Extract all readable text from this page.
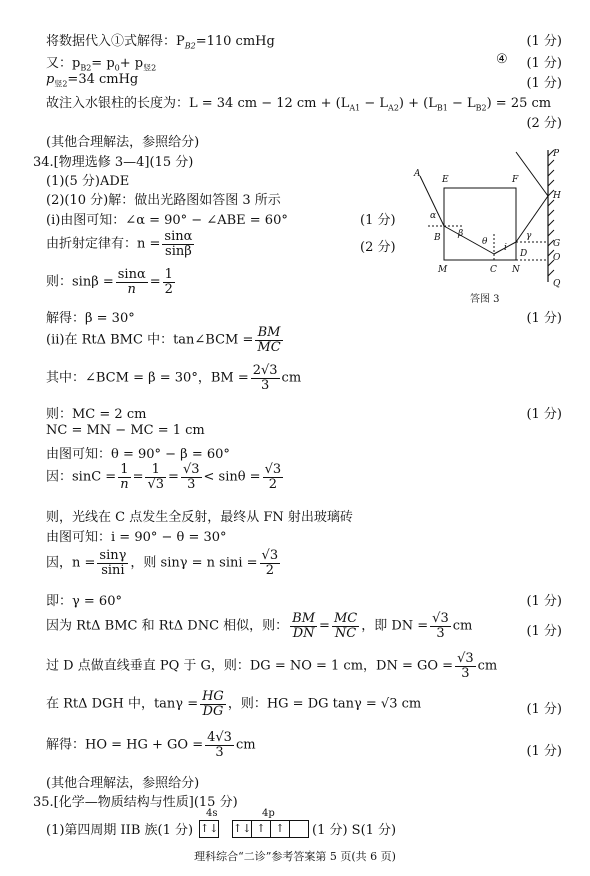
将数据代入①式解得：$P_{B2}=110$ cmHg	(1 分)
又：$p_{B2}= p_0+ p_{竖2}$
④ (1 分)
$p_{竖2}=34$ cmHg	(1 分)
故注入水银柱的长度为：L = 34 cm − 12 cm + $(L_{A1} - L_{A2}) + (L_{B1} - L_{B2}) = 25$ cm
(2 分)
(其他合理解法，参照给分)
34.[物理选修 3—4](15 分)
(1)(5 分)ADE
(2)(10 分)解：做出光路图如答图 3 所示
(ⅰ)由图可知：∠α = 90° − ∠ABE = 60°	(1 分)
由折射定律有：$n = \frac{\sin\alpha}{\sin\beta}$	(2 分)
则：$\sin\beta = \frac{\sin\alpha}{n} = \frac{1}{2}$
解得：β = 30°	(1 分)
(ⅱ)在 RtΔ BMC 中：tan∠BCM = $\frac{BM}{MC}$
其中：∠BCM = β = 30°，BM = $\frac{2√3}{3}$ cm
则：MC = 2 cm	(1 分)
NC = MN − MC = 1 cm
由图可知：θ = 90° − β = 60°
因：$\sin C = \frac{1}{n} = \frac{1}{√3} = \frac{√3}{3} < \sin\theta = \frac{√3}{2}$
则，光线在 C 点发生全反射，最终从 FN 射出玻璃砖
由图可知：i = 90° − θ = 30°
因，$n = \frac{\sin\gamma}{\sin i}$ ，则 sinγ = n $\sin i = \frac{√3}{2}$
即：γ = 60°	(1 分)
因为 RtΔ BMC 和 RtΔ DNC 相似，则： $\frac{BM}{DN} = \frac{MC}{NC}$ ，即 DN = $\frac{√3}{3}$ cm	(1 分)
过 D 点做直线垂直 PQ 于 G，则：DG = NO = 1 cm，DN = GO = $\frac{√3}{3}$ cm
在 RtΔ DGH 中，$\tan\gamma = \frac{HG}{DG}$ ，则：HG = DG tanγ = √3 cm	(1 分)
解得：HO = HG + GO = $\frac{4√3}{3}$ cm	(1 分)
(其他合理解法，参照给分)
35.[化学—物质结构与性质](15 分)
(1)第四周期 IIB 族(1 分)
4s	4p
↑↓ ↑↓ ↑ ↑	(1 分) S(1 分)
A
E	F
P
H
B
G
O
M	C N
D
Q
α
β
θ
γ
i
答图 3
理科综合“二诊”参考答案第 5 页(共 6 页)
